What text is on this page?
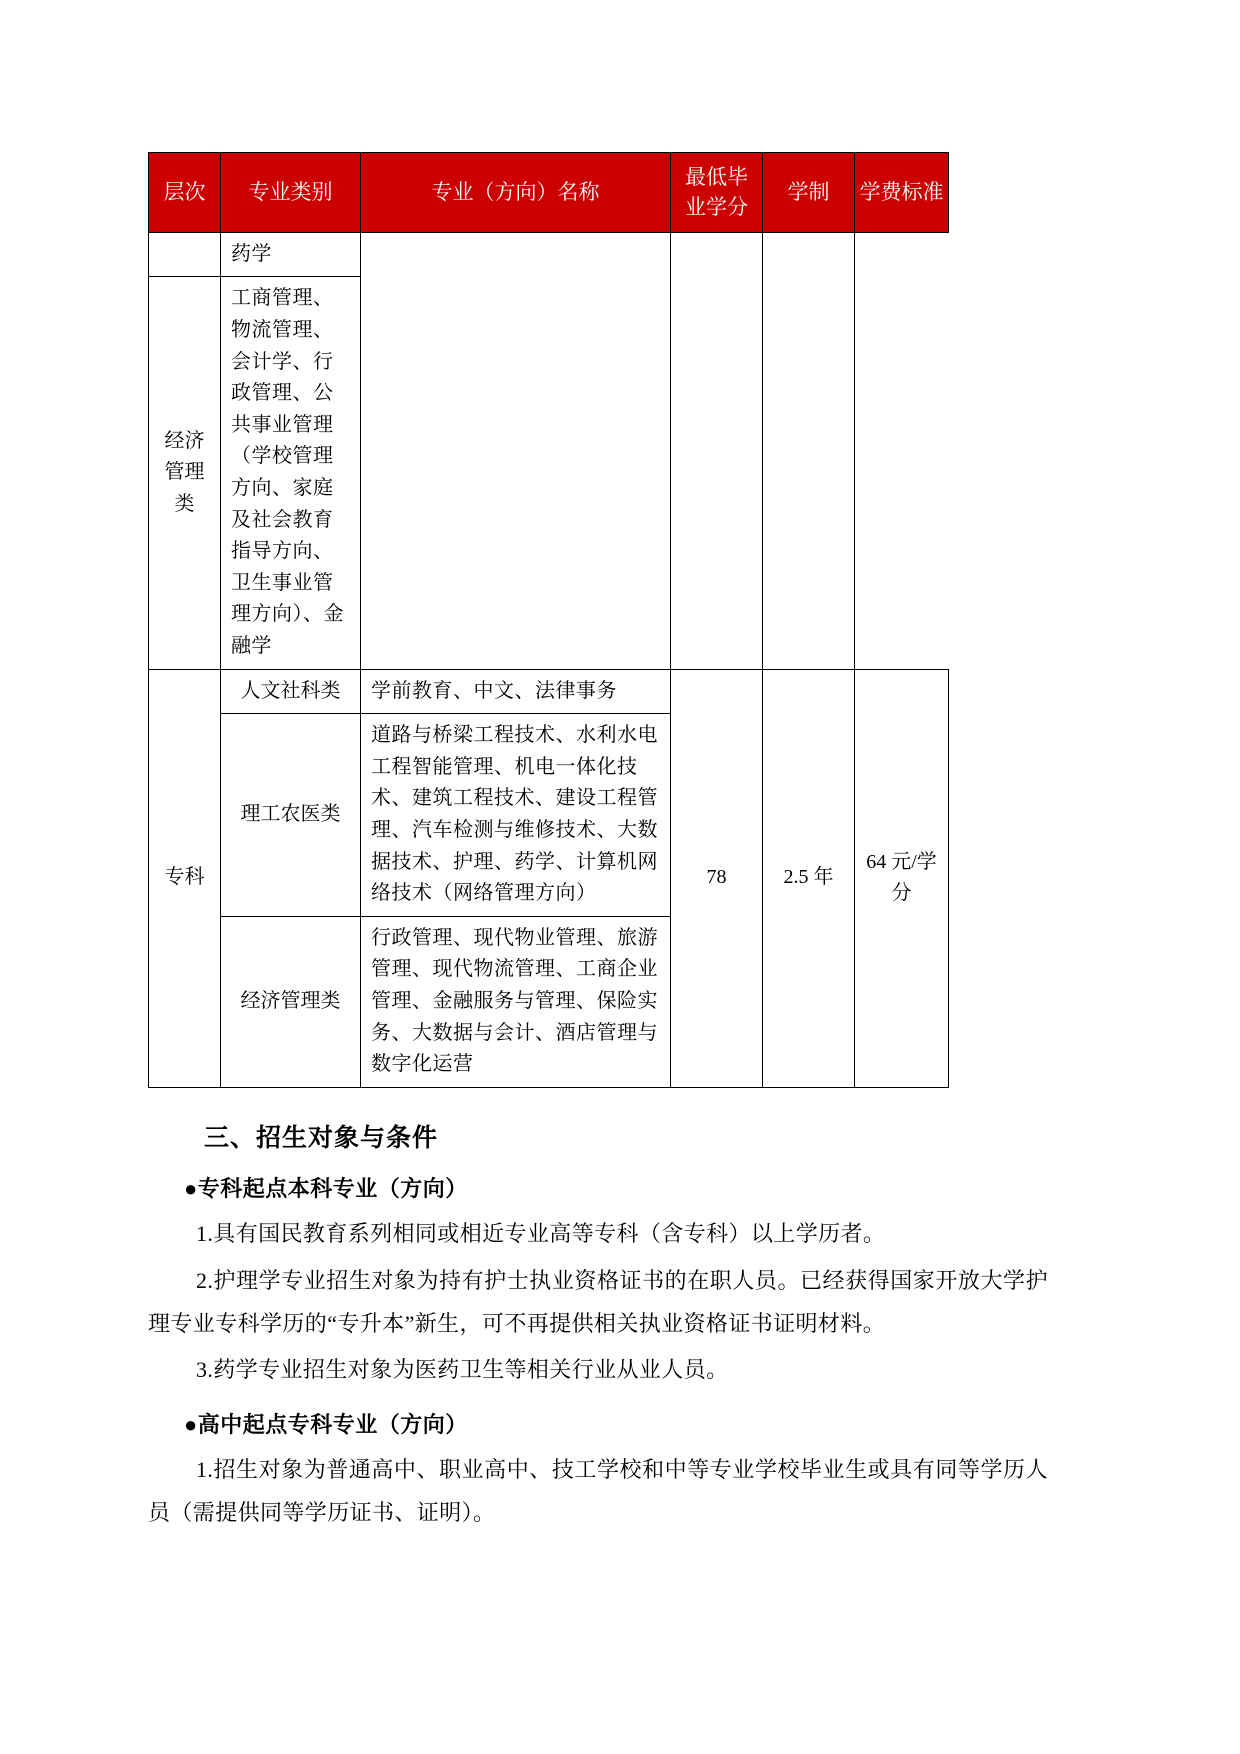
层次	专业类别	专业（方向）名称	最低毕业学分	学制	学费标准
	药学				
经济管理类	工商管理、物流管理、会计学、行政管理、公共事业管理（学校管理方向、家庭及社会教育指导方向、卫生事业管理方向）、金融学				
专科	人文社科类	学前教育、中文、法律事务	78	2.5 年	64 元/学分
	理工农医类	道路与桥梁工程技术、水利水电工程智能管理、机电一体化技术、建筑工程技术、建设工程管理、汽车检测与维修技术、大数据技术、护理、药学、计算机网络技术（网络管理方向）			
	经济管理类	行政管理、现代物业管理、旅游管理、现代物流管理、工商企业管理、金融服务与管理、保险实务、大数据与会计、酒店管理与数字化运营			
三、招生对象与条件
●专科起点本科专业（方向）

1.具有国民教育系列相同或相近专业高等专科（含专科）以上学历者。

2.护理学专业招生对象为持有护士执业资格证书的在职人员。已经获得国家开放大学护理专业专科学历的“专升本”新生，可不再提供相关执业资格证书证明材料。

3.药学专业招生对象为医药卫生等相关行业从业人员。

●高中起点专科专业（方向）

1.招生对象为普通高中、职业高中、技工学校和中等专业学校毕业生或具有同等学历人员（需提供同等学历证书、证明）。
